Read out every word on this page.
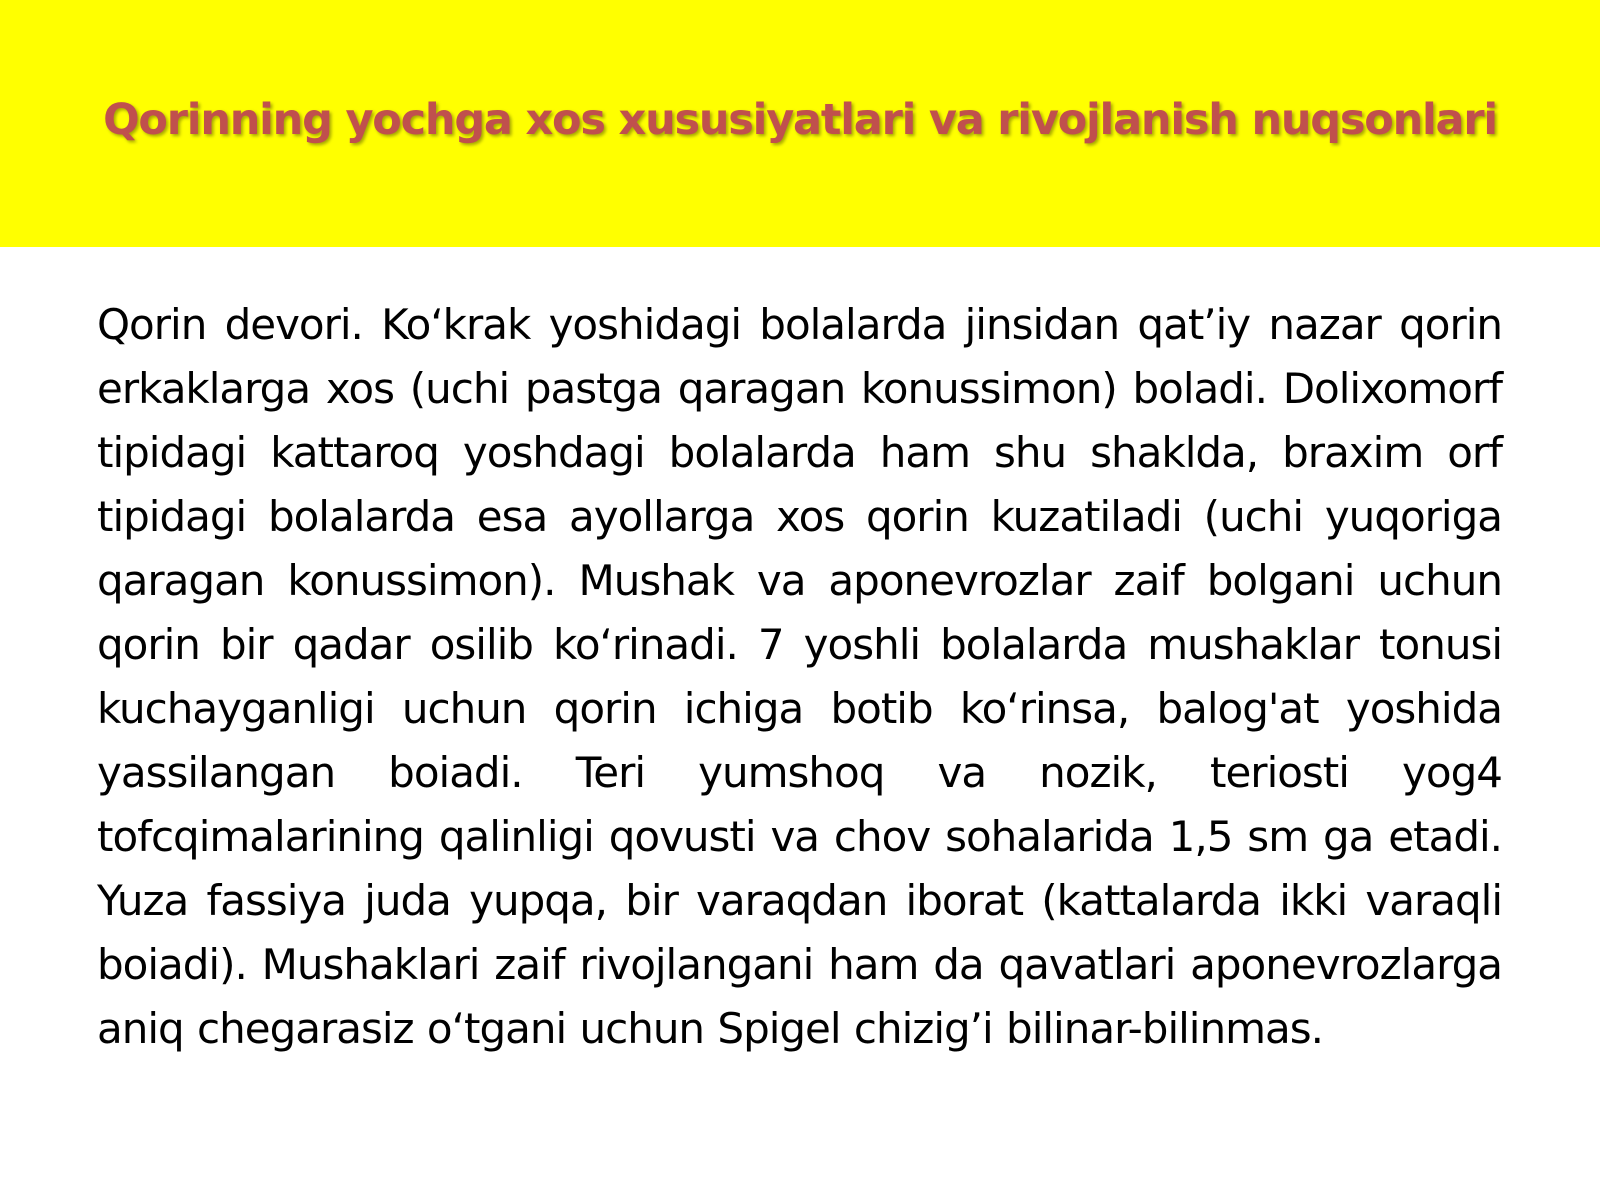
Qorinning yochga xos xususiyatlari va rivojlanish nuqsonlari

Qorin devori. Ko‘krak yoshidagi bolalarda jinsidan qat’iy nazar qorin erkaklarga xos (uchi pastga qaragan konussimon) boladi. Dolixomorf tipidagi kattaroq yoshdagi bolalarda ham shu shaklda, braxim orf tipidagi bolalarda esa ayollarga xos qorin kuzatiladi (uchi yuqoriga qaragan konussimon). Mushak va aponevrozlar zaif bolgani uchun qorin bir qadar osilib ko‘rinadi. 7 yoshli bolalarda mushaklar tonusi kuchayganligi uchun qorin ichiga botib ko‘rinsa, balog'at yoshida yassilangan boiadi. Teri yumshoq va nozik, teriosti yog4 tofcqimalarining qalinligi qovusti va chov sohalarida 1,5 sm ga etadi. Yuza fassiya juda yupqa, bir varaqdan iborat (kattalarda ikki varaqli boiadi). Mushaklari zaif rivojlangani ham da qavatlari aponevrozlarga aniq chegarasiz o‘tgani uchun Spigel chizig’i bilinar-bilinmas.
